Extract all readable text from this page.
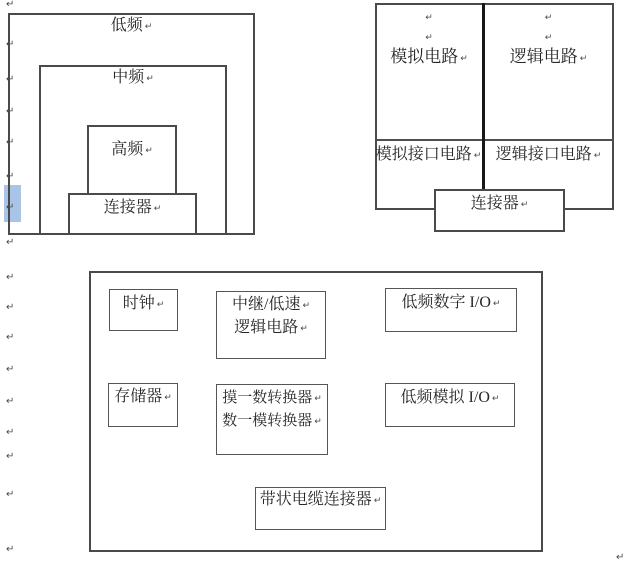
↵
↵
↵
↵
↵
↵
↵
↵
↵
↵
↵
↵
↵
↵
↵
↵
↵
↵
低频 ↵
中频 ↵
高频 ↵
连接器 ↵
↵
↵
↵
↵
模拟电路 ↵	逻辑电路 ↵
模拟接口电路 ↵ 逻辑接口电路 ↵
连接器 ↵
时钟 ↵	中继/低速 ↵
逻辑电路 ↵
低频数字 I/O ↵
存储器 ↵	摸一数转换器 ↵
数一模转换器 ↵
低频模拟 I/O ↵
带状电缆连接器 ↵
